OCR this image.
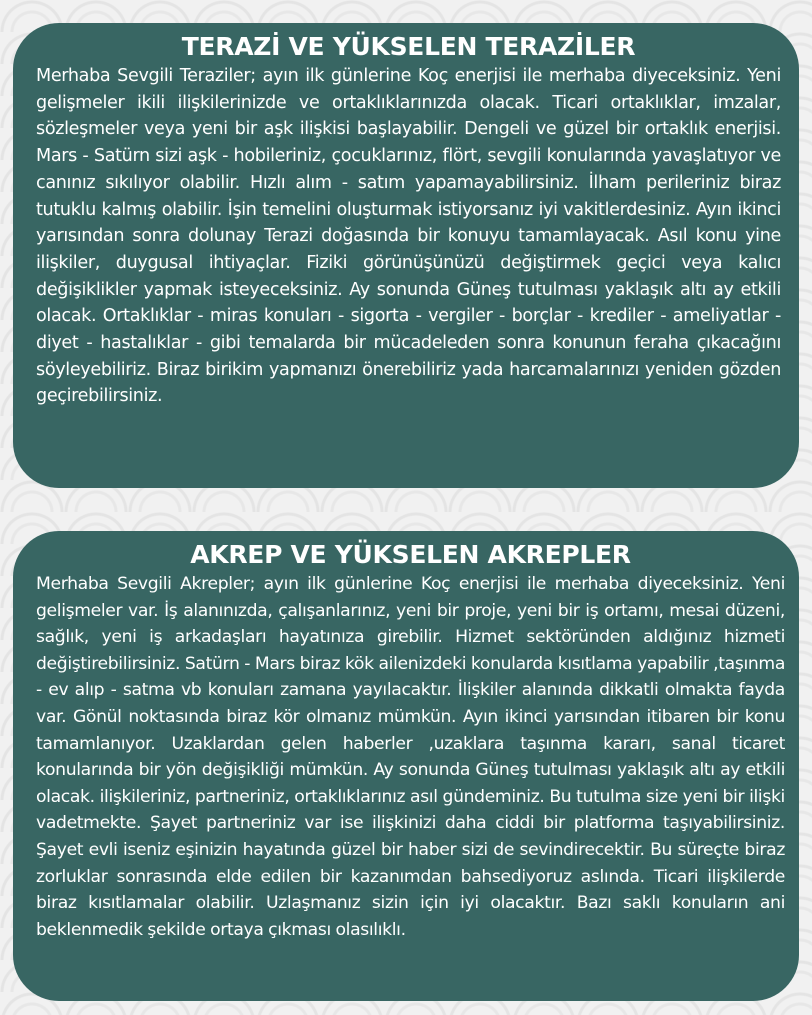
TERAZİ VE YÜKSELEN TERAZİLER

Merhaba Sevgili Teraziler; ayın ilk günlerine Koç enerjisi ile merhaba diyeceksiniz. Yeni gelişmeler ikili ilişkilerinizde ve ortaklıklarınızda olacak. Ticari ortaklıklar, imzalar, sözleşmeler veya yeni bir aşk ilişkisi başlayabilir. Dengeli ve güzel bir ortaklık enerjisi. Mars - Satürn sizi aşk - hobileriniz, çocuklarınız, flört, sevgili konularında yavaşlatıyor ve canınız sıkılıyor olabilir. Hızlı alım - satım yapamayabilirsiniz. İlham perileriniz biraz tutuklu kalmış olabilir. İşin temelini oluşturmak istiyorsanız iyi vakitlerdesiniz. Ayın ikinci yarısından sonra dolunay Terazi doğasında bir konuyu tamamlayacak. Asıl konu yine ilişkiler, duygusal ihtiyaçlar. Fiziki görünüşünüzü değiştirmek geçici veya kalıcı değişiklikler yapmak isteyeceksiniz. Ay sonunda Güneş tutulması yaklaşık altı ay etkili olacak. Ortaklıklar - miras konuları - sigorta - vergiler - borçlar - krediler - ameliyatlar - diyet - hastalıklar - gibi temalarda bir mücadeleden sonra konunun feraha çıkacağını söyleyebiliriz. Biraz birikim yapmanızı önerebiliriz yada harcamalarınızı yeniden gözden geçirebilirsiniz.

AKREP VE YÜKSELEN AKREPLER

Merhaba Sevgili Akrepler; ayın ilk günlerine Koç enerjisi ile merhaba diyeceksiniz. Yeni gelişmeler var. İş alanınızda, çalışanlarınız, yeni bir proje, yeni bir iş ortamı, mesai düzeni, sağlık, yeni iş arkadaşları hayatınıza girebilir. Hizmet sektöründen aldığınız hizmeti değiştirebilirsiniz. Satürn - Mars biraz kök ailenizdeki konularda kısıtlama yapabilir ,taşınma - ev alıp - satma vb konuları zamana yayılacaktır. İlişkiler alanında dikkatli olmakta fayda var. Gönül noktasında biraz kör olmanız mümkün. Ayın ikinci yarısından itibaren bir konu tamamlanıyor. Uzaklardan gelen haberler ,uzaklara taşınma kararı, sanal ticaret konularında bir yön değişikliği mümkün. Ay sonunda Güneş tutulması yaklaşık altı ay etkili olacak. ilişkileriniz, partneriniz, ortaklıklarınız asıl gündeminiz. Bu tutulma size yeni bir ilişki vadetmekte. Şayet partneriniz var ise ilişkinizi daha ciddi bir platforma taşıyabilirsiniz. Şayet evli iseniz eşinizin hayatında güzel bir haber sizi de sevindirecektir. Bu süreçte biraz zorluklar sonrasında elde edilen bir kazanımdan bahsediyoruz aslında. Ticari ilişkilerde biraz kısıtlamalar olabilir. Uzlaşmanız sizin için iyi olacaktır. Bazı saklı konuların ani beklenmedik şekilde ortaya çıkması olasılıklı.
